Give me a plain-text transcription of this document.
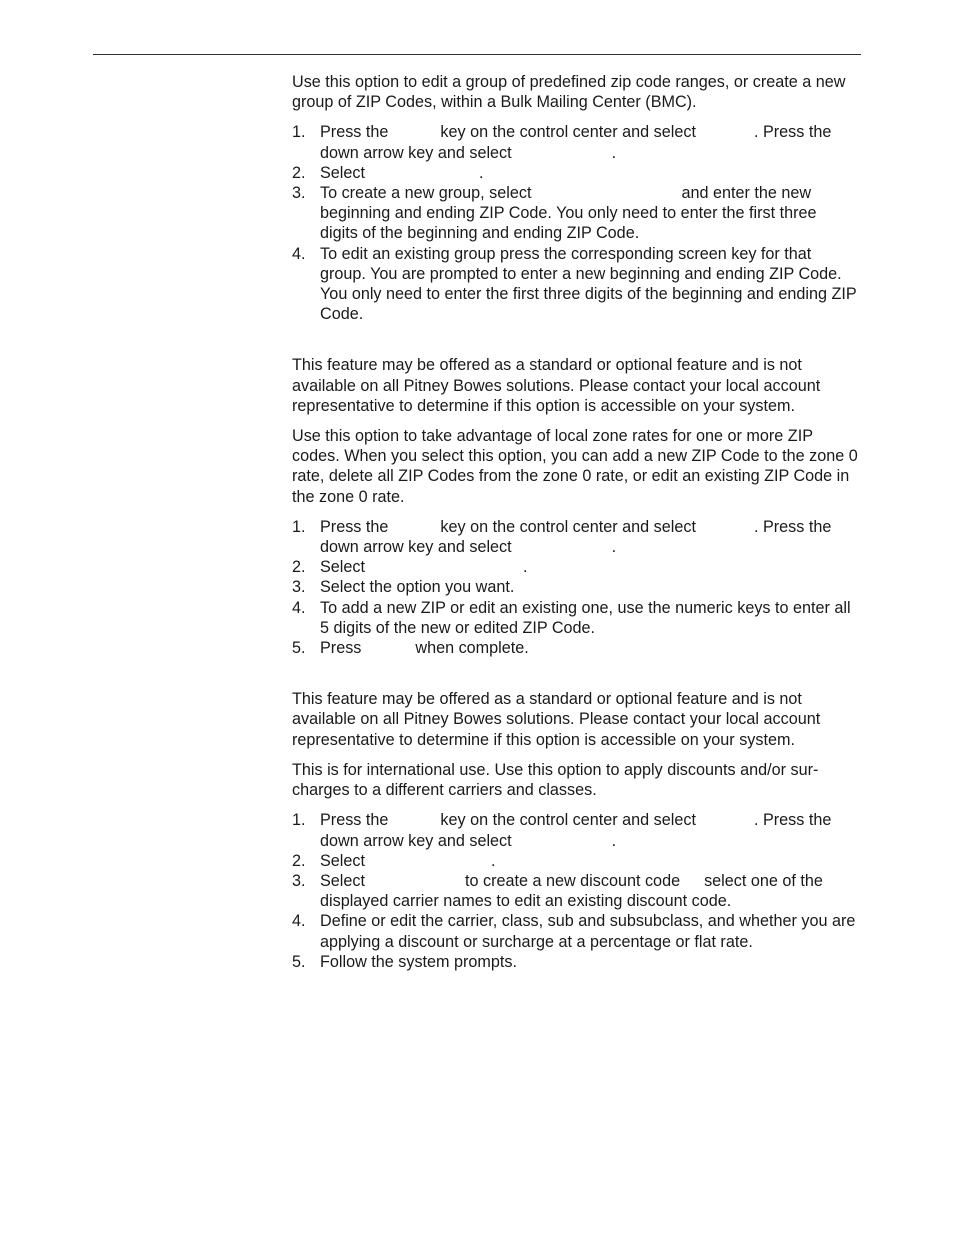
Use this option to edit a group of predefined zip code ranges, or create a new group of ZIP Codes, within a Bulk Mailing Center (BMC).

1. Press the	key on the control center and select	. Press the down arrow key and select	.
2. Select	.
3. To create a new group, select	and enter the new beginning and ending ZIP Code. You only need to enter the first three digits of the beginning and ending ZIP Code.
4. To edit an existing group press the corresponding screen key for that group. You are prompted to enter a new beginning and ending ZIP Code. You only need to enter the first three digits of the beginning and ending ZIP Code.

This feature may be offered as a standard or optional feature and is not available on all Pitney Bowes solutions. Please contact your local account representative to determine if this option is accessible on your system.

Use this option to take advantage of local zone rates for one or more ZIP codes. When you select this option, you can add a new ZIP Code to the zone 0 rate, delete all ZIP Codes from the zone 0 rate, or edit an existing ZIP Code in the zone 0 rate.

1. Press the	key on the control center and select	. Press the down arrow key and select	.
2. Select	.
3. Select the option you want.
4. To add a new ZIP or edit an existing one, use the numeric keys to enter all 5 digits of the new or edited ZIP Code.
5. Press	when complete.

This feature may be offered as a standard or optional feature and is not available on all Pitney Bowes solutions. Please contact your local account representative to determine if this option is accessible on your system.

This is for international use. Use this option to apply discounts and/or sur-charges to a different carriers and classes.

1. Press the	key on the control center and select	. Press the down arrow key and select	.
2. Select	.
3. Select	to create a new discount code select one of the displayed carrier names to edit an existing discount code.
4. Define or edit the carrier, class, sub and subsubclass, and whether you are applying a discount or surcharge at a percentage or flat rate.
5. Follow the system prompts.
